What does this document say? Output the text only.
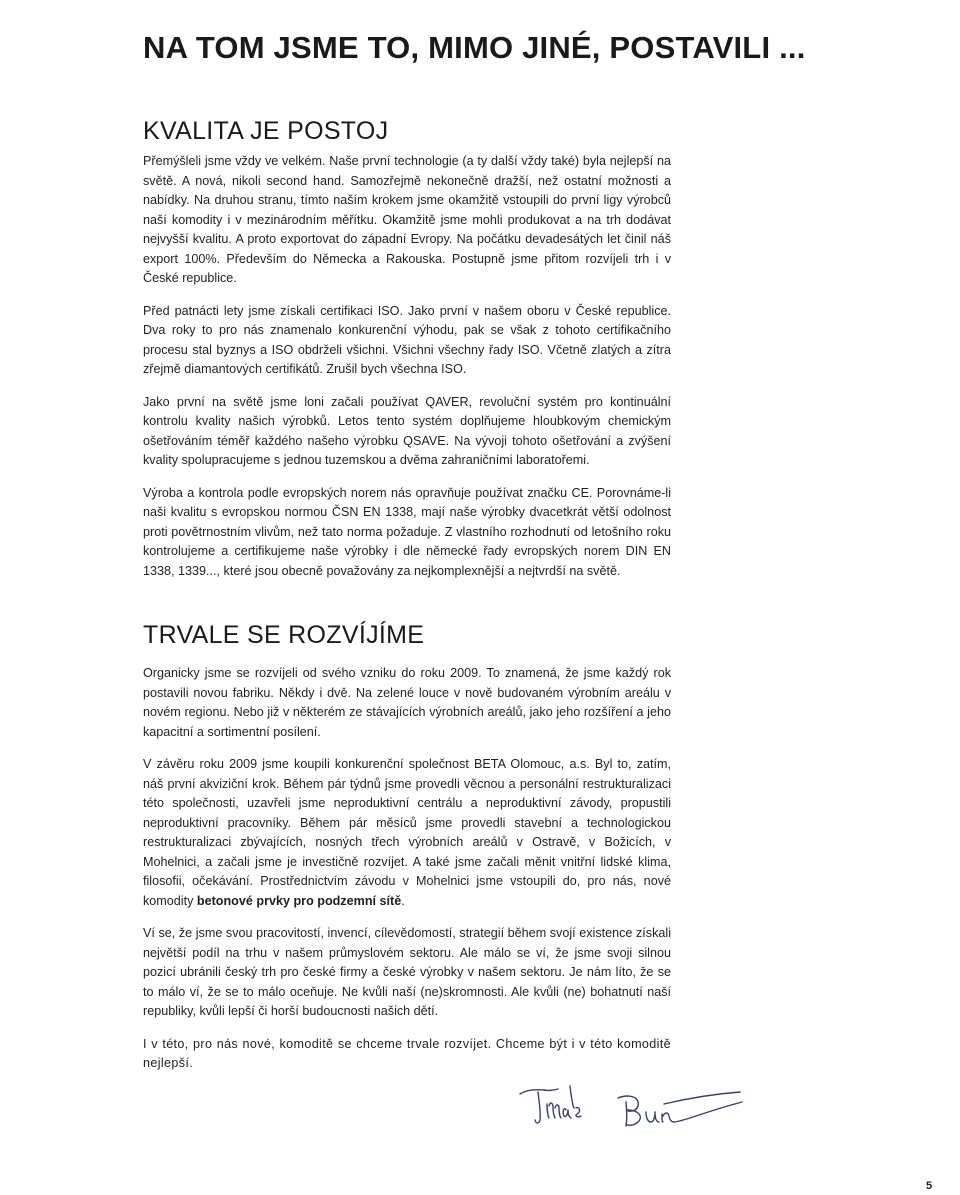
NA TOM JSME TO, MIMO JINÉ, POSTAVILI ...
KVALITA JE POSTOJ

Přemýšleli jsme vždy ve velkém. Naše první technologie (a ty další vždy také) byla nejlepší na světě. A nová, nikoli second hand. Samozřejmě nekonečně dražší, než ostatní možnosti a nabídky. Na druhou stranu, tímto naším krokem jsme okamžitě vstoupili do první ligy výrobců naší komodity i v mezinárodním měřítku. Okamžitě jsme mohli produkovat a na trh dodávat nejvyšší kvalitu. A proto exportovat do západní Evropy. Na počátku devadesátých let činil náš export 100%. Především do Německa a Rakouska. Postupně jsme přitom rozvíjeli trh i v České republice.

Před patnácti lety jsme získali certifikaci ISO. Jako první v našem oboru v České republice. Dva roky to pro nás znamenalo konkurenční výhodu, pak se však z tohoto certifikačního procesu stal byznys a ISO obdrželi všichni. Všichni všechny řady ISO. Včetně zlatých a zítra zřejmě diamantových certifikátů. Zrušil bych všechna ISO.

Jako první na světě jsme loni začali používat QAVER, revoluční systém pro kontinuální kontrolu kvality našich výrobků. Letos tento systém doplňujeme hloubkovým chemickým ošetřováním téměř každého našeho výrobku QSAVE. Na vývoji tohoto ošetřování a zvýšení kvality spolupracujeme s jednou tuzemskou a dvěma zahraničními laboratořemi.

Výroba a kontrola podle evropských norem nás opravňuje používat značku CE. Porovnáme-li naši kvalitu s evropskou normou ČSN EN 1338, mají naše výrobky dvacetkrát větší odolnost proti povětrnostním vlivům, než tato norma požaduje. Z vlastního rozhodnutí od letošního roku kontrolujeme a certifikujeme naše výrobky i dle německé řady evropských norem DIN EN 1338, 1339..., které jsou obecně považovány za nejkomplexnější a nejtvrdší na světě.

TRVALE SE ROZVÍJÍME

Organicky jsme se rozvíjeli od svého vzniku do roku 2009. To znamená, že jsme každý rok postavili novou fabriku. Někdy i dvě. Na zelené louce v nově budovaném výrobním areálu v novém regionu. Nebo již v některém ze stávajících výrobních areálů, jako jeho rozšíření a jeho kapacitní a sortimentní posílení.

V závěru roku 2009 jsme koupili konkurenční společnost BETA Olomouc, a.s. Byl to, zatím, náš první akviziční krok. Během pár týdnů jsme provedli věcnou a personální restrukturalizaci této společnosti, uzavřeli jsme neproduktivní centrálu a neproduktivní závody, propustili neproduktivní pracovníky. Během pár měsíců jsme provedli stavební a technologickou restrukturalizaci zbývajících, nosných třech výrobních areálů v Ostravě, v Božicích, v Mohelnici, a začali jsme je investičně rozvíjet. A také jsme začali měnit vnitřní lidské klima, filosofii, očekávání. Prostřednictvím závodu v Mohelnici jsme vstoupili do, pro nás, nové komodity betonové prvky pro podzemní sítě.

Ví se, že jsme svou pracovitostí, invencí, cílevědomostí, strategií během svojí existence získali největší podíl na trhu v našem průmyslovém sektoru. Ale málo se ví, že jsme svoji silnou pozicí ubránili český trh pro české firmy a české výrobky v našem sektoru. Je nám líto, že se to málo ví, že se to málo oceňuje. Ne kvůli naší (ne)skromnosti. Ale kvůli (ne) bohatnutí naší republiky, kvůli lepší či horší budoucnosti našich dětí.

I v této, pro nás nové, komoditě se chceme trvale rozvíjet. Chceme být i v této komoditě nejlepší.

5
